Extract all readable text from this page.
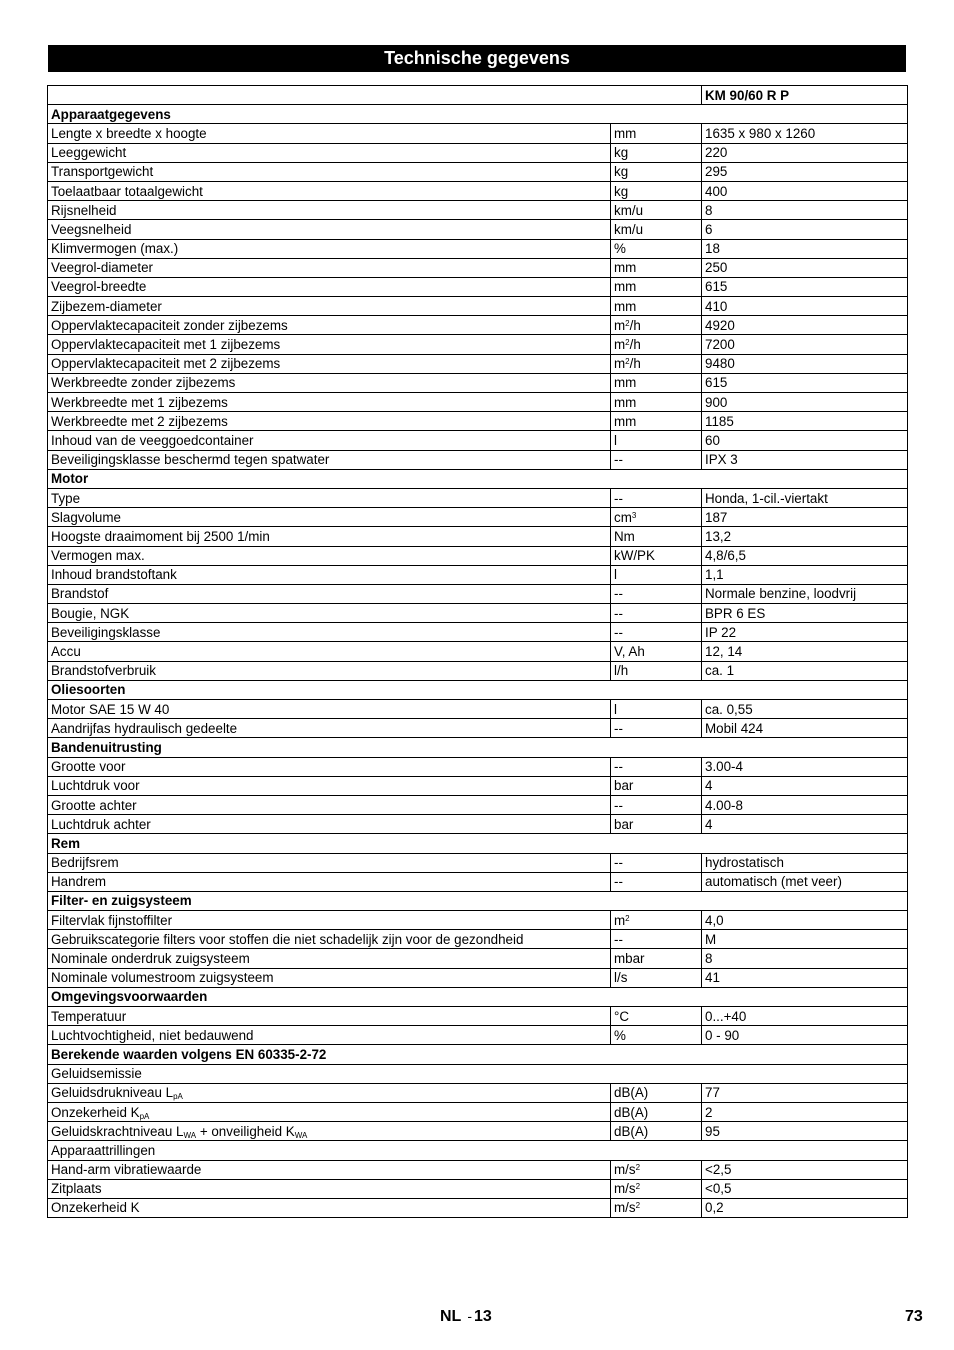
Technische gegevens
		KM 90/60 R P
Apparaatgegevens		
Lengte x breedte x hoogte	mm	1635 x 980 x 1260
Leeggewicht	kg	220
Transportgewicht	kg	295
Toelaatbaar totaalgewicht	kg	400
Rijsnelheid	km/u	8
Veegsnelheid	km/u	6
Klimvermogen (max.)	%	18
Veegrol-diameter	mm	250
Veegrol-breedte	mm	615
Zijbezem-diameter	mm	410
Oppervlaktecapaciteit zonder zijbezems	$m^2/h$	4920
Oppervlaktecapaciteit met 1 zijbezems	$m^2/h$	7200
Oppervlaktecapaciteit met 2 zijbezems	$m^2/h$	9480
Werkbreedte zonder zijbezems	mm	615
Werkbreedte met 1 zijbezems	mm	900
Werkbreedte met 2 zijbezems	mm	1185
Inhoud van de veeggoedcontainer	l	60
Beveiligingsklasse beschermd tegen spatwater	--	IPX 3
Motor		
Type	--	Honda, 1-cil.-viertakt
Slagvolume	$cm^3$	187
Hoogste draaimoment bij 2500 1/min	Nm	13,2
Vermogen max.	kW/PK	4,8/6,5
Inhoud brandstoftank	l	1,1
Brandstof	--	Normale benzine, loodvrij
Bougie, NGK	--	BPR 6 ES
Beveiligingsklasse	--	IP 22
Accu	V, Ah	12, 14
Brandstofverbruik	l/h	ca. 1
Oliesoorten		
Motor SAE 15 W 40	l	ca. 0,55
Aandrijfas hydraulisch gedeelte	--	Mobil 424
Bandenuitrusting		
Grootte voor	--	3.00-4
Luchtdruk voor	bar	4
Grootte achter	--	4.00-8
Luchtdruk achter	bar	4
Rem		
Bedrijfsrem	--	hydrostatisch
Handrem	--	automatisch (met veer)
Filter- en zuigsysteem		
Filtervlak fijnstoffilter	$m^2$	4,0
Gebruikscategorie filters voor stoffen die niet schadelijk zijn voor de gezondheid	--	M
Nominale onderdruk zuigsysteem	mbar	8
Nominale volumestroom zuigsysteem	l/s	41
Omgevingsvoorwaarden		
Temperatuur	°C	0...+40
Luchtvochtigheid, niet bedauwend	%	0 - 90
Berekende waarden volgens EN 60335-2-72		
Geluidsemissie		
Geluidsdrukniveau $L_{pA}$	dB(A)	77
Onzekerheid $K_{pA}$	dB(A)	2
Geluidskrachtniveau $L_{WA}$ + onveiligheid $K_{WA}$	dB(A)	95
Apparaattrillingen		
Hand-arm vibratiewaarde	$m/s^2$	<2,5
Zitplaats	$m/s^2$	<0,5
Onzekerheid K	$m/s^2$	0,2
NL - 13	73
